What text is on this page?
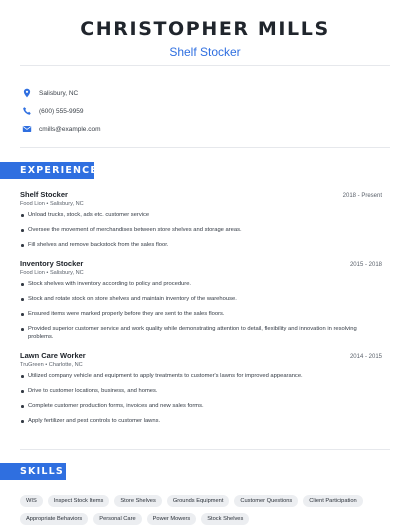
CHRISTOPHER MILLS
Shelf Stocker
Salisbury, NC
(600) 555-9959
cmills@example.com
EXPERIENCE
Shelf Stocker	2018 - Present
Food Lion • Salisbury, NC
Unload trucks, stock, ads etc. customer service
Oversee the movement of merchandises between store shelves and storage areas.
Fill shelves and remove backstock from the sales floor.
Inventory Stocker	2015 - 2018
Food Lion • Salisbury, NC
Stock shelves with inventory according to policy and procedure.
Stock and rotate stock on store shelves and maintain inventory of the warehouse.
Ensured items were marked properly before they are sent to the sales floors.
Provided superior customer service and work quality while demonstrating attention to detail, flexibility and innovation in resolving problems.
Lawn Care Worker	2014 - 2015
TruGreen • Charlotte, NC
Utilized company vehicle and equipment to apply treatments to customer's lawns for improved appearance.
Drive to customer locations, business, and homes.
Complete customer production forms, invoices and new sales forms.
Apply fertilizer and pest controls to customer lawns.
SKILLS
WIS	Inspect Stock Items	Store Shelves	Grounds Equipment	Customer Questions	Client Participation
Appropriate Behaviors	Personal Care	Power Mowers	Stock Shelves
